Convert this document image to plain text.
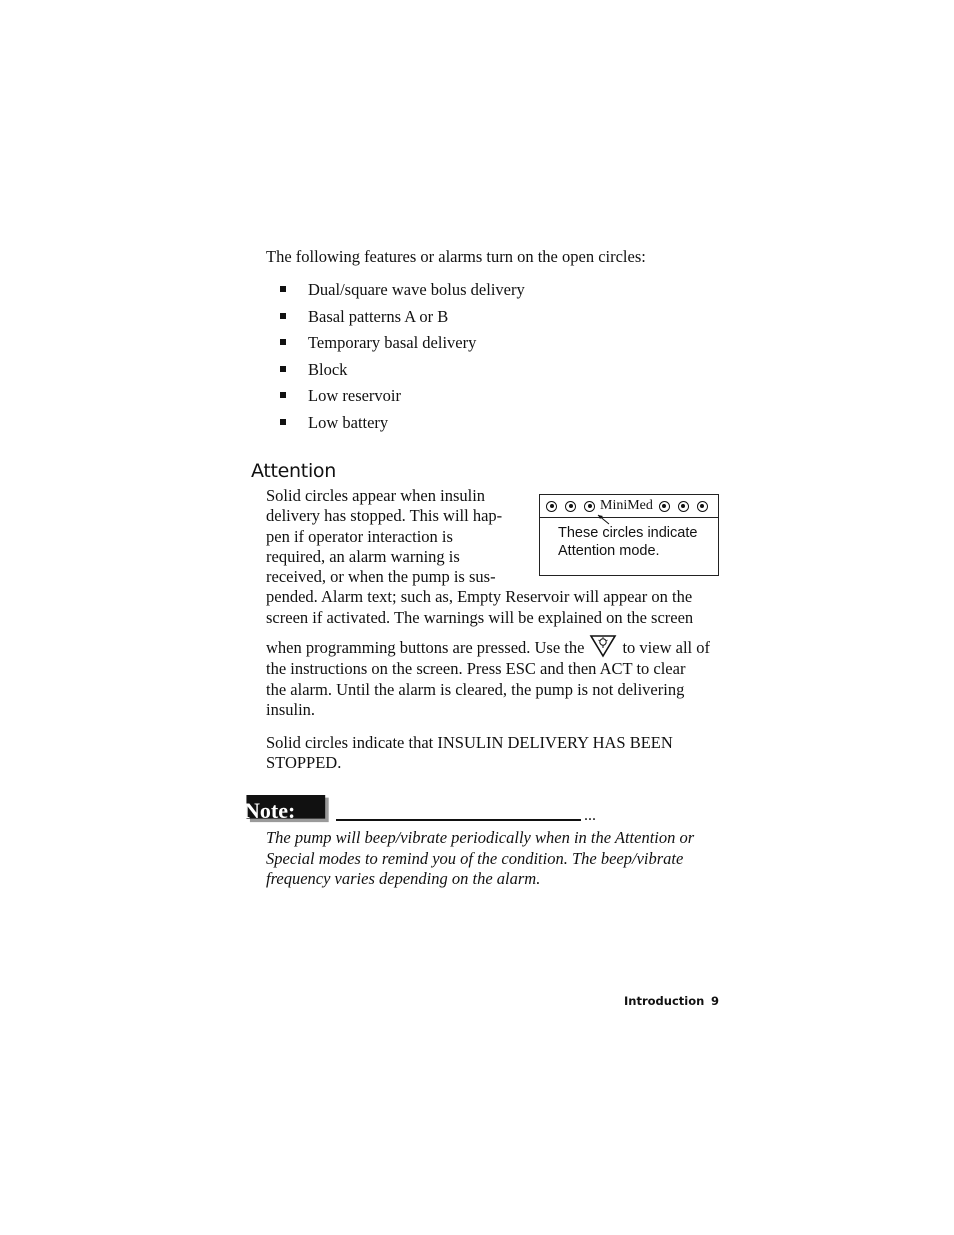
The following features or alarms turn on the open circles:
Dual/square wave bolus delivery
Basal patterns A or B
Temporary basal delivery
Block
Low reservoir
Low battery
Attention
Solid circles appear when insulin
delivery has stopped. This will hap-
pen if operator interaction is
required, an alarm warning is
received, or when the pump is sus-
pended. Alarm text; such as, Empty Reservoir will appear on the
screen if activated. The warnings will be explained on the screen
when programming buttons are pressed. Use the to view all of
the instructions on the screen. Press ESC and then ACT to clear
the alarm. Until the alarm is cleared, the pump is not delivering
insulin.
Solid circles indicate that INSULIN DELIVERY HAS BEEN
STOPPED.
MiniMed
These circles indicate
Attention mode.
Note:	...
The pump will beep/vibrate periodically when in the Attention or
Special modes to remind you of the condition. The beep/vibrate
frequency varies depending on the alarm.
Introduction 9
